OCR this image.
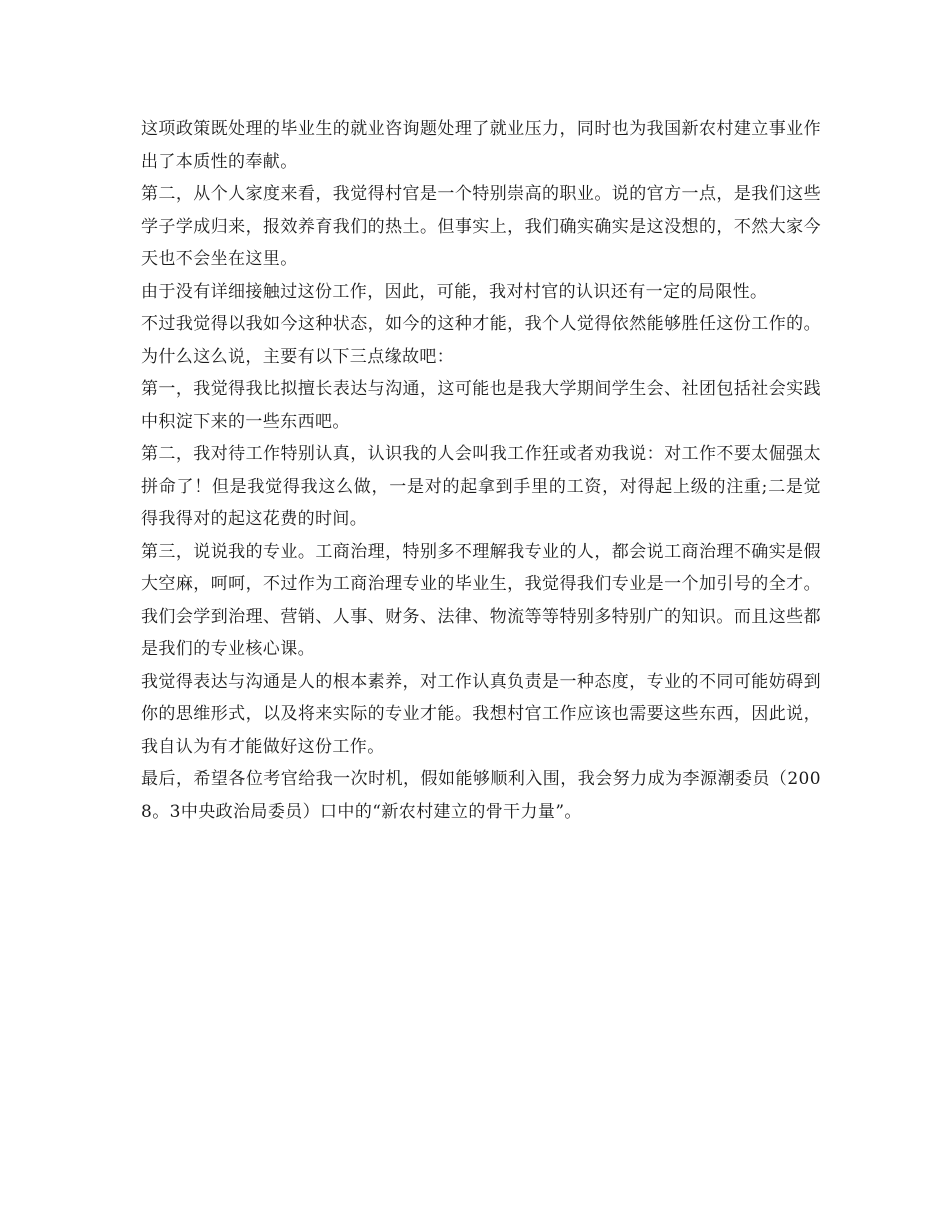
这项政策既处理的毕业生的就业咨询题处理了就业压力，同时也为我国新农村建立事业作出了本质性的奉献。

第二，从个人家度来看，我觉得村官是一个特别崇高的职业。说的官方一点，是我们这些学子学成归来，报效养育我们的热土。但事实上，我们确实确实是这没想的，不然大家今天也不会坐在这里。

由于没有详细接触过这份工作，因此，可能，我对村官的认识还有一定的局限性。

不过我觉得以我如今这种状态，如今的这种才能，我个人觉得依然能够胜任这份工作的。为什么这么说，主要有以下三点缘故吧：

第一，我觉得我比拟擅长表达与沟通，这可能也是我大学期间学生会、社团包括社会实践中积淀下来的一些东西吧。

第二，我对待工作特别认真，认识我的人会叫我工作狂或者劝我说：对工作不要太倔强太拼命了！但是我觉得我这么做，一是对的起拿到手里的工资，对得起上级的注重;二是觉得我得对的起这花费的时间。

第三，说说我的专业。工商治理，特别多不理解我专业的人，都会说工商治理不确实是假大空麻，呵呵，不过作为工商治理专业的毕业生，我觉得我们专业是一个加引号的全才。我们会学到治理、营销、人事、财务、法律、物流等等特别多特别广的知识。而且这些都是我们的专业核心课。

我觉得表达与沟通是人的根本素养，对工作认真负责是一种态度，专业的不同可能妨碍到你的思维形式，以及将来实际的专业才能。我想村官工作应该也需要这些东西，因此说，我自认为有才能做好这份工作。

最后，希望各位考官给我一次时机，假如能够顺利入围，我会努力成为李源潮委员（2008。3中央政治局委员）口中的“新农村建立的骨干力量”。
